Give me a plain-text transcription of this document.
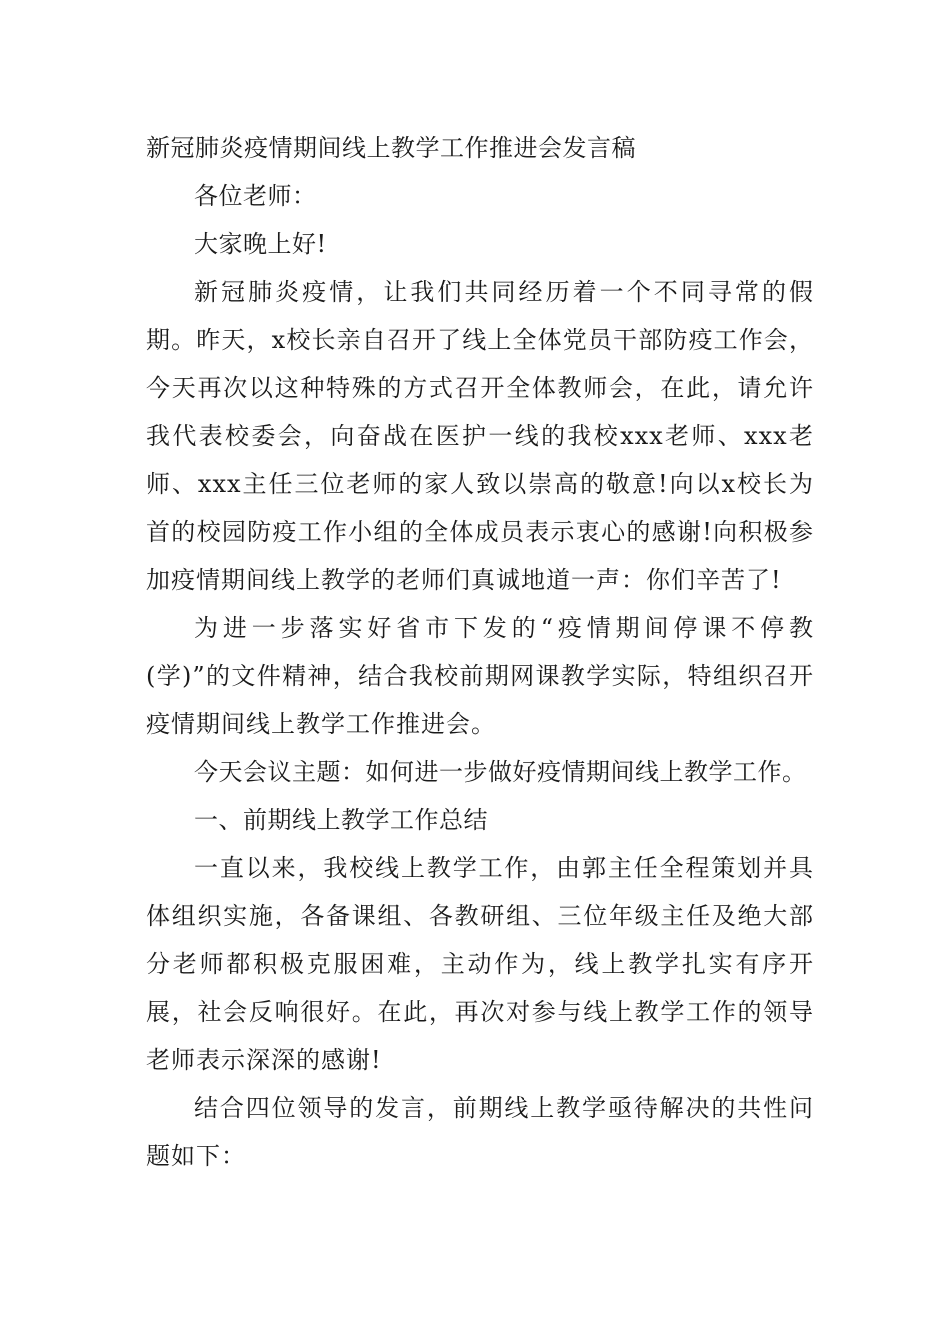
新冠肺炎疫情期间线上教学工作推进会发言稿

各位老师：

大家晚上好!

新冠肺炎疫情，让我们共同经历着一个不同寻常的假期。昨天，x校长亲自召开了线上全体党员干部防疫工作会，今天再次以这种特殊的方式召开全体教师会，在此，请允许我代表校委会，向奋战在医护一线的我校xxx老师、xxx老师、xxx主任三位老师的家人致以崇高的敬意!向以x校长为首的校园防疫工作小组的全体成员表示衷心的感谢!向积极参加疫情期间线上教学的老师们真诚地道一声：你们辛苦了!

为进一步落实好省市下发的“疫情期间停课不停教(学)”的文件精神，结合我校前期网课教学实际，特组织召开疫情期间线上教学工作推进会。

今天会议主题：如何进一步做好疫情期间线上教学工作。

一、前期线上教学工作总结

一直以来，我校线上教学工作，由郭主任全程策划并具体组织实施，各备课组、各教研组、三位年级主任及绝大部分老师都积极克服困难，主动作为，线上教学扎实有序开展，社会反响很好。在此，再次对参与线上教学工作的领导老师表示深深的感谢!

结合四位领导的发言，前期线上教学亟待解决的共性问题如下：
